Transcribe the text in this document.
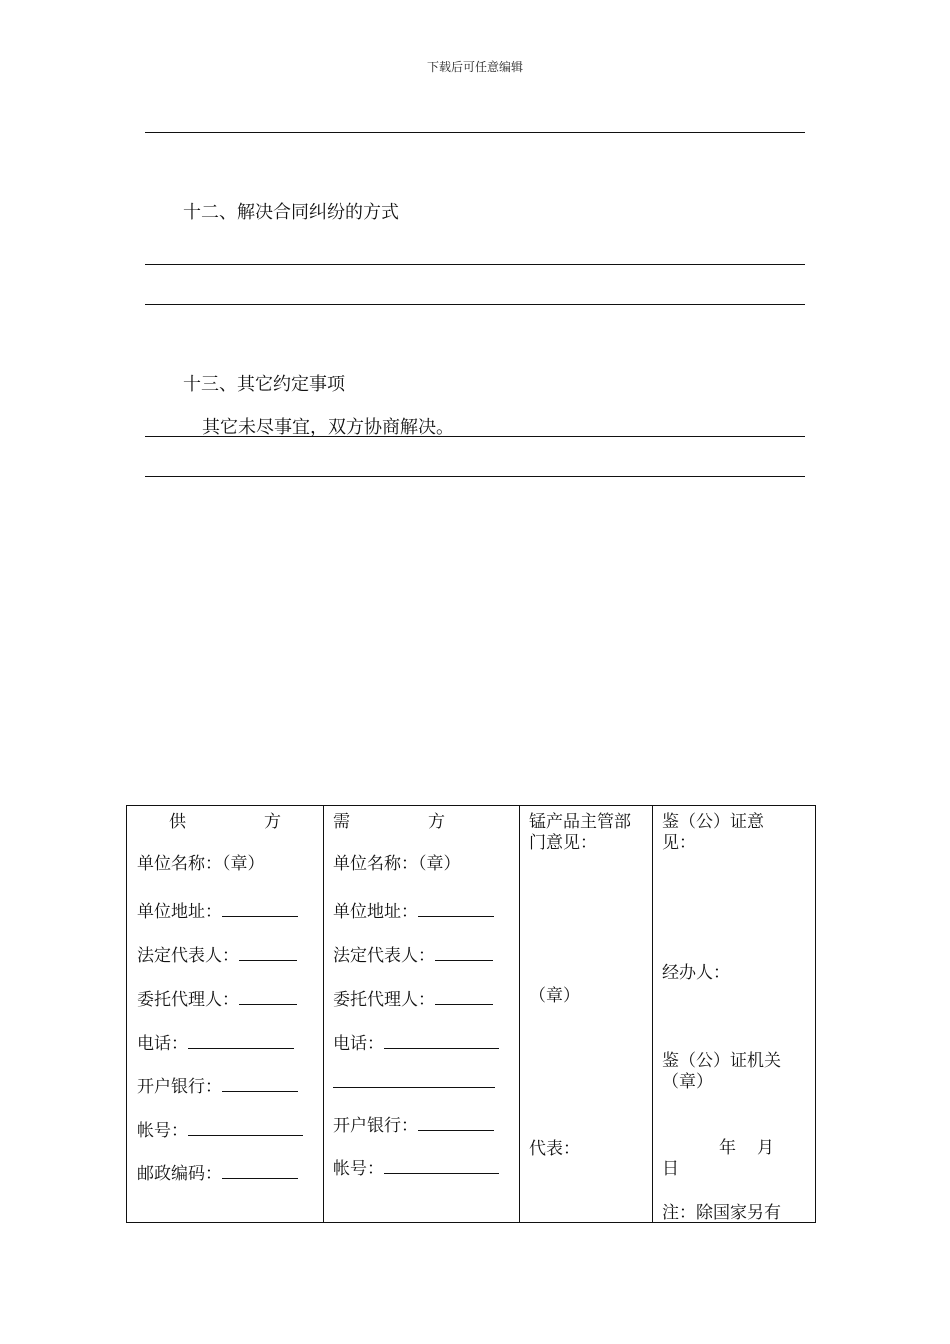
下载后可任意编辑
十二、解决合同纠纷的方式
十三、其它约定事项
其它未尽事宜，双方协商解决。
供	方
单位名称：（章）
单位地址：
法定代表人：
委托代理人：
电话：
开户银行：
帐号：
邮政编码：
需	方
单位名称：（章）
单位地址：
法定代表人：
委托代理人：
电话：
开户银行：
帐号：
锰产品主管部
门意见：
（章）
代表：
鉴（公）证意
见：
经办人：
鉴（公）证机关
（章）
年 月
日
注：除国家另有
